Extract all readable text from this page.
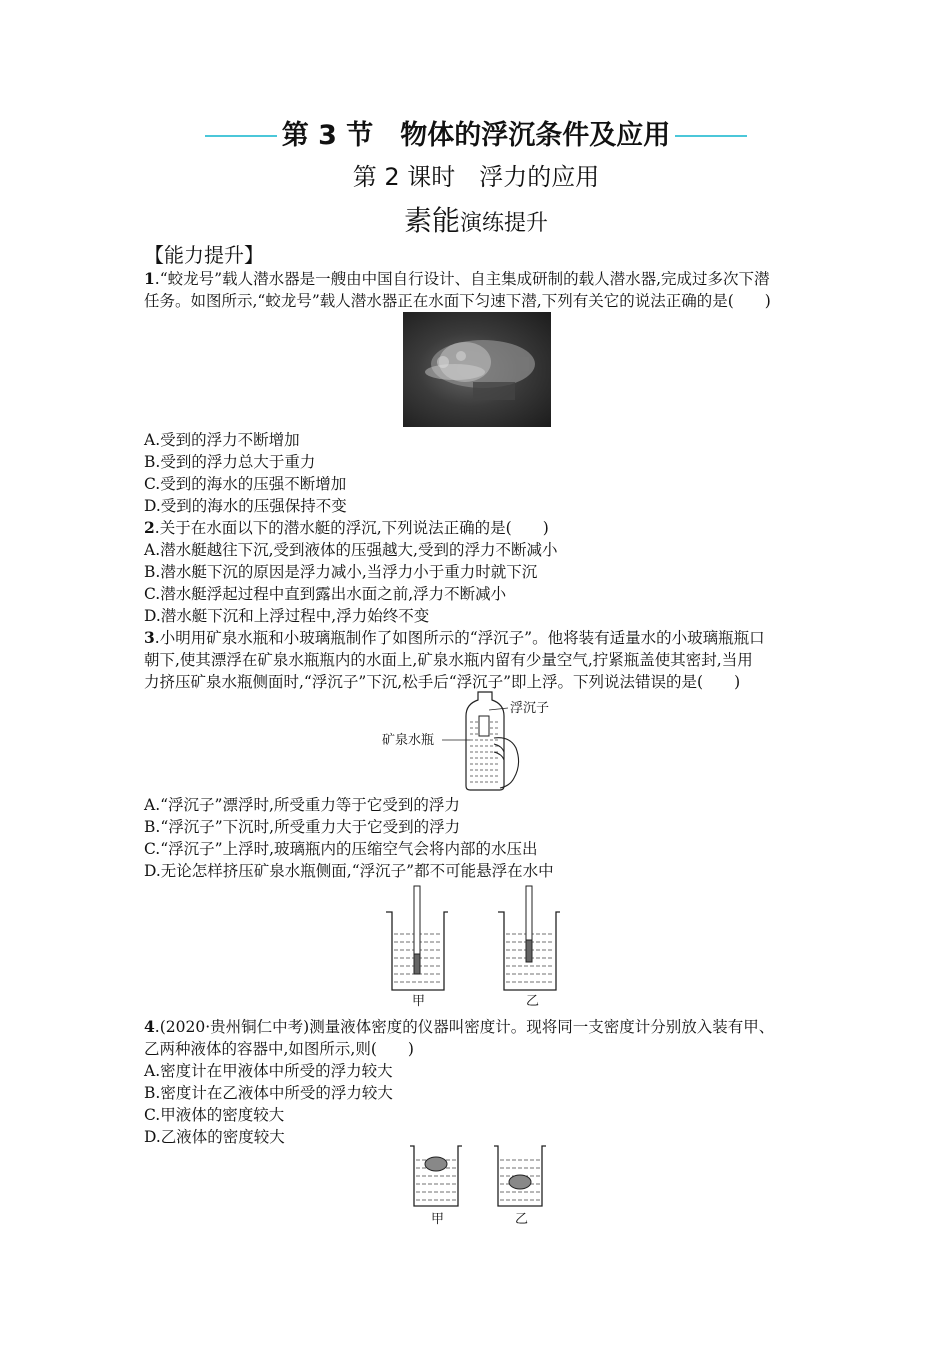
第 3 节　物体的浮沉条件及应用
第 2 课时　浮力的应用
素能演练提升
【能力提升】
1.“蛟龙号”载人潜水器是一艘由中国自行设计、自主集成研制的载人潜水器,完成过多次下潜
任务。如图所示,“蛟龙号”载人潜水器正在水面下匀速下潜,下列有关它的说法正确的是(　　)
A.受到的浮力不断增加
B.受到的浮力总大于重力
C.受到的海水的压强不断增加
D.受到的海水的压强保持不变
2.关于在水面以下的潜水艇的浮沉,下列说法正确的是(　　)
A.潜水艇越往下沉,受到液体的压强越大,受到的浮力不断减小
B.潜水艇下沉的原因是浮力减小,当浮力小于重力时就下沉
C.潜水艇浮起过程中直到露出水面之前,浮力不断减小
D.潜水艇下沉和上浮过程中,浮力始终不变
3.小明用矿泉水瓶和小玻璃瓶制作了如图所示的“浮沉子”。他将装有适量水的小玻璃瓶瓶口
朝下,使其漂浮在矿泉水瓶瓶内的水面上,矿泉水瓶内留有少量空气,拧紧瓶盖使其密封,当用
力挤压矿泉水瓶侧面时,“浮沉子”下沉,松手后“浮沉子”即上浮。下列说法错误的是(　　)
浮沉子
矿泉水瓶
A.“浮沉子”漂浮时,所受重力等于它受到的浮力
B.“浮沉子”下沉时,所受重力大于它受到的浮力
C.“浮沉子”上浮时,玻璃瓶内的压缩空气会将内部的水压出
D.无论怎样挤压矿泉水瓶侧面,“浮沉子”都不可能悬浮在水中
甲	乙
4.(2020·贵州铜仁中考)测量液体密度的仪器叫密度计。现将同一支密度计分别放入装有甲、
乙两种液体的容器中,如图所示,则(　　)
A.密度计在甲液体中所受的浮力较大
B.密度计在乙液体中所受的浮力较大
C.甲液体的密度较大
D.乙液体的密度较大
甲	乙
